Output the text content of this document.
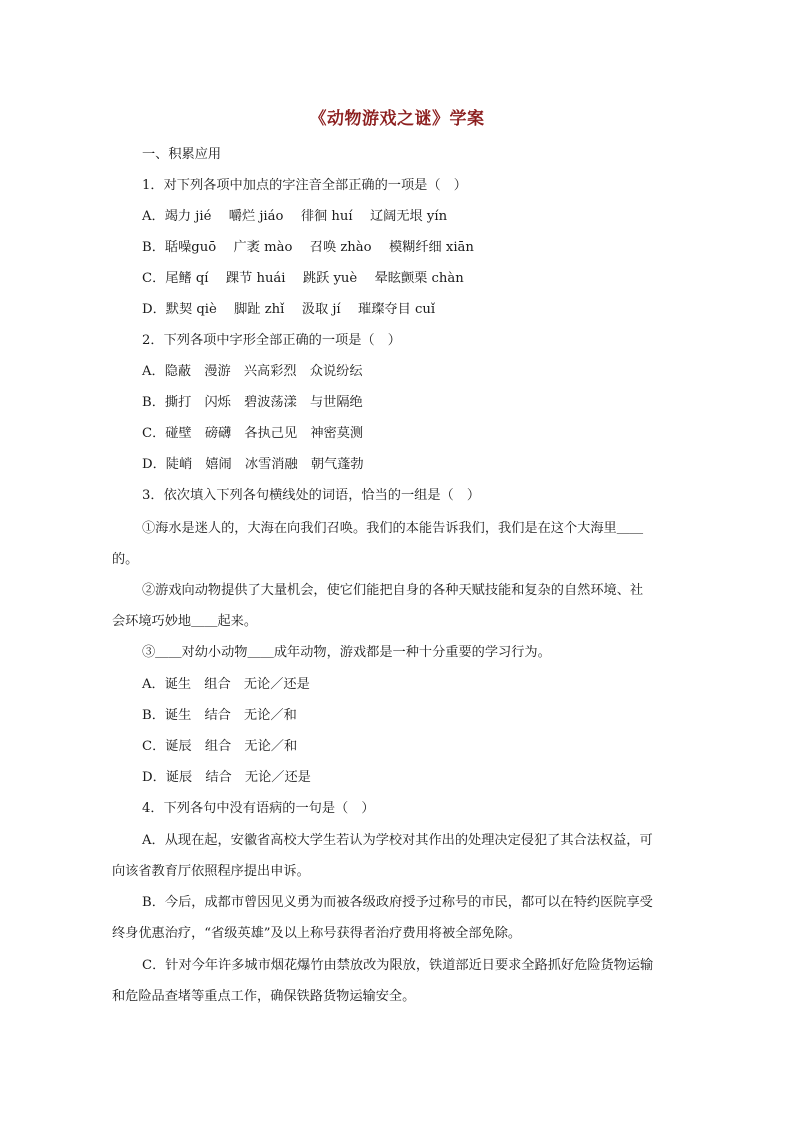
《动物游戏之谜》学案
一、积累应用
1．对下列各项中加点的字注音全部正确的一项是（　）
A．竭力 jié　 嚼烂 jiáo　 徘徊 huí　 辽阔无垠 yín
B．聒噪guō　 广袤 mào　 召唤 zhào　 模糊纤细 xiān
C．尾鳍 qí　 踝节 huái　 跳跃 yuè　 晕眩颤栗 chàn
D．默契 qiè　 脚趾 zhǐ　 汲取 jí　 璀璨夺目 cuǐ
2．下列各项中字形全部正确的一项是（　）
A．隐蔽　漫游　兴高彩烈　众说纷纭
B．撕打　闪烁　碧波荡漾　与世隔绝
C．碰壁　磅礴　各执己见　神密莫测
D．陡峭　嬉闹　冰雪消融　朝气蓬勃
3．依次填入下列各句横线处的词语，恰当的一组是（　）
①海水是迷人的，大海在向我们召唤。我们的本能告诉我们，我们是在这个大海里＿＿
的。
②游戏向动物提供了大量机会，使它们能把自身的各种天赋技能和复杂的自然环境、社
会环境巧妙地＿＿起来。
③＿＿对幼小动物＿＿成年动物，游戏都是一种十分重要的学习行为。
A．诞生　组合　无论／还是
B．诞生　结合　无论／和
C．诞辰　组合　无论／和
D．诞辰　结合　无论／还是
4．下列各句中没有语病的一句是（　）
A．从现在起，安徽省高校大学生若认为学校对其作出的处理决定侵犯了其合法权益，可
向该省教育厅依照程序提出申诉。
B．今后，成都市曾因见义勇为而被各级政府授予过称号的市民，都可以在特约医院享受
终身优惠治疗，“省级英雄”及以上称号获得者治疗费用将被全部免除。
C．针对今年许多城市烟花爆竹由禁放改为限放，铁道部近日要求全路抓好危险货物运输
和危险品查堵等重点工作，确保铁路货物运输安全。
